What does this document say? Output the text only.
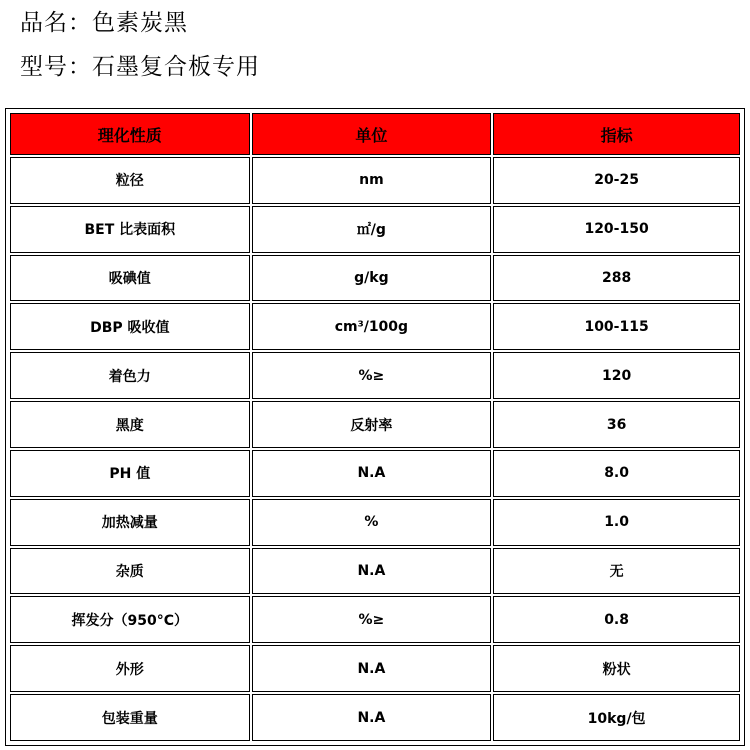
品名：色素炭黑
型号：石墨复合板专用
理化性质	单位	指标
粒径	nm	20-25
BET 比表面积	㎡/g	120-150
吸碘值	g/kg	288
DBP 吸收值	cm³/100g	100-115
着色力	%≥	120
黑度	反射率	36
PH 值	N.A	8.0
加热减量	%	1.0
杂质	N.A	无
挥发分（950°C）	%≥	0.8
外形	N.A	粉状
包装重量	N.A	10kg/包
